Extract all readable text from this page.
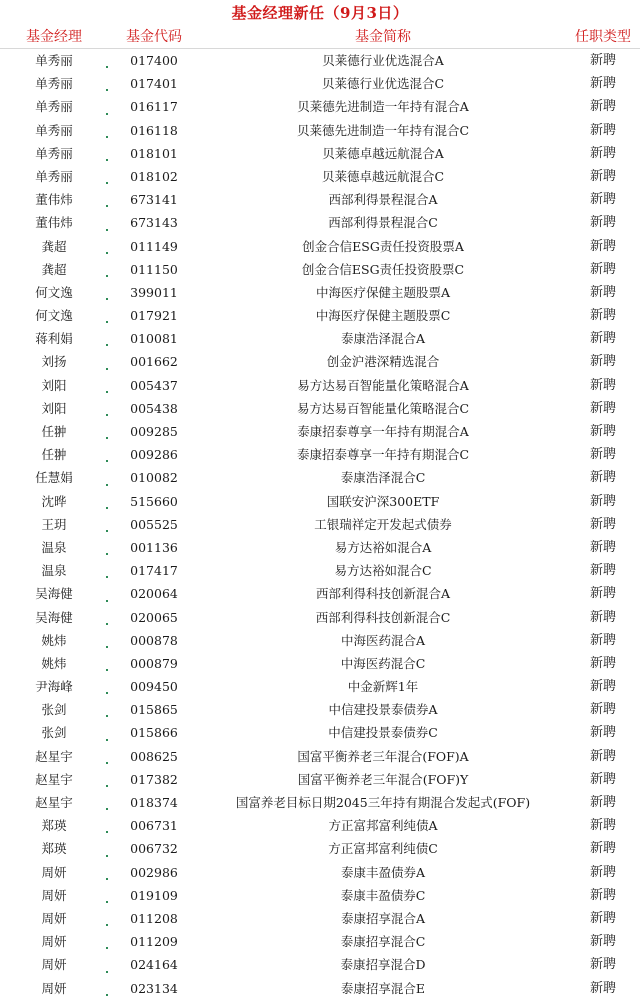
基金经理新任（9月3日）
基金经理	基金代码	基金简称	任职类型
单秀丽	017400	贝莱德行业优选混合A	新聘
单秀丽	017401	贝莱德行业优选混合C	新聘
单秀丽	016117	贝莱德先进制造一年持有混合A	新聘
单秀丽	016118	贝莱德先进制造一年持有混合C	新聘
单秀丽	018101	贝莱德卓越远航混合A	新聘
单秀丽	018102	贝莱德卓越远航混合C	新聘
董伟炜	673141	西部利得景程混合A	新聘
董伟炜	673143	西部利得景程混合C	新聘
龚超	011149	创金合信ESG责任投资股票A	新聘
龚超	011150	创金合信ESG责任投资股票C	新聘
何文逸	399011	中海医疗保健主题股票A	新聘
何文逸	017921	中海医疗保健主题股票C	新聘
蒋利娟	010081	泰康浩泽混合A	新聘
刘扬	001662	创金沪港深精选混合	新聘
刘阳	005437	易方达易百智能量化策略混合A	新聘
刘阳	005438	易方达易百智能量化策略混合C	新聘
任翀	009285	泰康招泰尊享一年持有期混合A	新聘
任翀	009286	泰康招泰尊享一年持有期混合C	新聘
任慧娟	010082	泰康浩泽混合C	新聘
沈晔	515660	国联安沪深300ETF	新聘
王玥	005525	工银瑞祥定开发起式债券	新聘
温泉	001136	易方达裕如混合A	新聘
温泉	017417	易方达裕如混合C	新聘
吴海健	020064	西部利得科技创新混合A	新聘
吴海健	020065	西部利得科技创新混合C	新聘
姚炜	000878	中海医药混合A	新聘
姚炜	000879	中海医药混合C	新聘
尹海峰	009450	中金新辉1年	新聘
张剑	015865	中信建投景泰债券A	新聘
张剑	015866	中信建投景泰债券C	新聘
赵星宇	008625	国富平衡养老三年混合(FOF)A	新聘
赵星宇	017382	国富平衡养老三年混合(FOF)Y	新聘
赵星宇	018374	国富养老目标日期2045三年持有期混合发起式(FOF)	新聘
郑瑛	006731	方正富邦富利纯债A	新聘
郑瑛	006732	方正富邦富利纯债C	新聘
周妍	002986	泰康丰盈债券A	新聘
周妍	019109	泰康丰盈债券C	新聘
周妍	011208	泰康招享混合A	新聘
周妍	011209	泰康招享混合C	新聘
周妍	024164	泰康招享混合D	新聘
周妍	023134	泰康招享混合E	新聘
